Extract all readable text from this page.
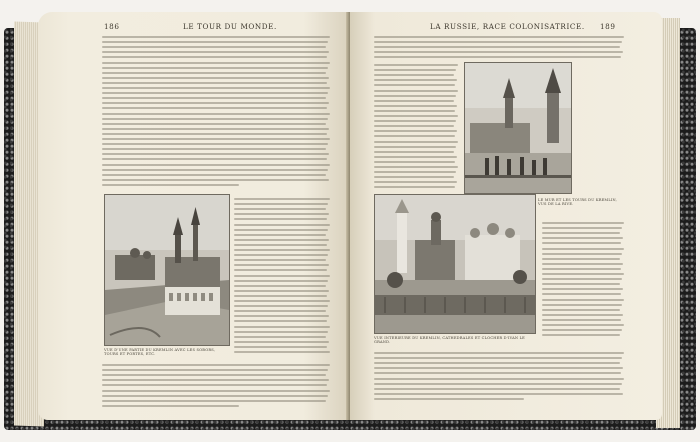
186	LE TOUR DU MONDE.
VUE D'UNE PARTIE DU KREMLIN AVEC LES SOBORS, TOURS ET PORTES, ETC.
LA RUSSIE, RACE COLONISATRICE. 189
VUE INTÉRIEURE DU KREMLIN, CATHÉDRALES ET CLOCHER D'IVAN LE GRAND.
LE MUR ET LES TOURS DU KREMLIN, VUS DE LA RIVE.
